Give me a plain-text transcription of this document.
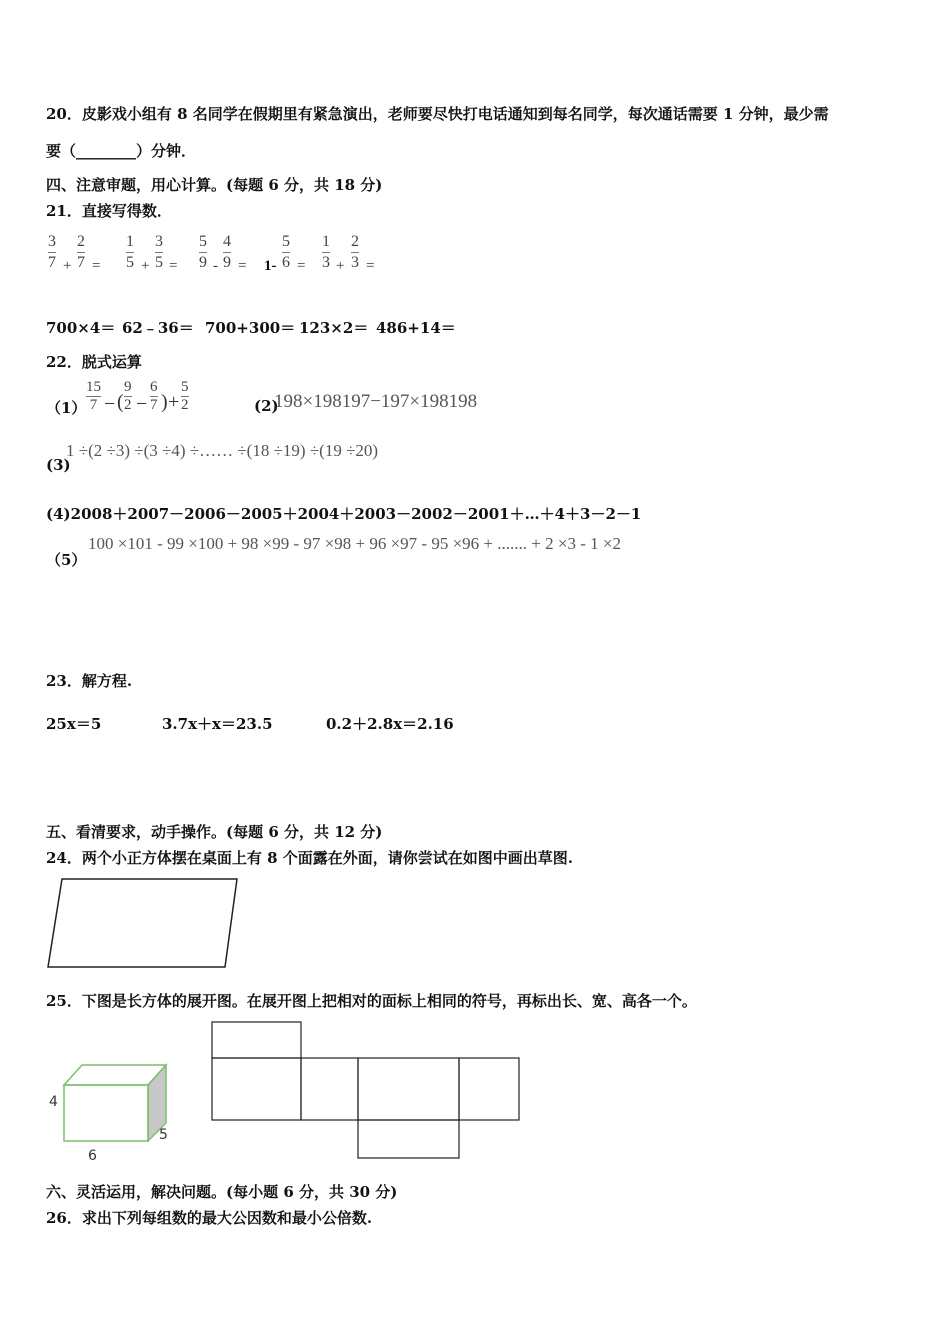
20．皮影戏小组有 8 名同学在假期里有紧急演出，老师要尽快打电话通知到每名同学，每次通话需要 1 分钟，最少需
要（________）分钟．
四、注意审题，用心计算。(每题 6 分，共 18 分)
21．直接写得数．
3
7 +
2
7 =
1
5 +
3
5 =
5
9 -
4
9 = 1-
5
6 =
1
3 +
2
3 =
700×4＝ 62﹣36＝ 700+300＝ 123×2＝ 486+14＝
22．脱式运算
（1）
15
7 − (
9
2 −
6
7 ) +
5
2	(2)
198×198197−197×198198
(3)
1 ÷(2 ÷3) ÷(3 ÷4) ÷…… ÷(18 ÷19) ÷(19 ÷20)
(4)2008＋2007－2006－2005＋2004＋2003－2002－2001＋…＋4＋3－2－1
（5）
100 ×101 - 99 ×100 + 98 ×99 - 97 ×98 + 96 ×97 - 95 ×96 + ....... + 2 ×3 - 1 ×2
23．解方程.
25x＝5	3.7x＋x＝23.5	0.2＋2.8x＝2.16
五、看清要求，动手操作。(每题 6 分，共 12 分)
24．两个小正方体摆在桌面上有 8 个面露在外面，请你尝试在如图中画出草图.
25．下图是长方体的展开图。在展开图上把相对的面标上相同的符号，再标出长、宽、高各一个。
4
6
5
六、灵活运用，解决问题。(每小题 6 分，共 30 分)
26．求出下列每组数的最大公因数和最小公倍数.
